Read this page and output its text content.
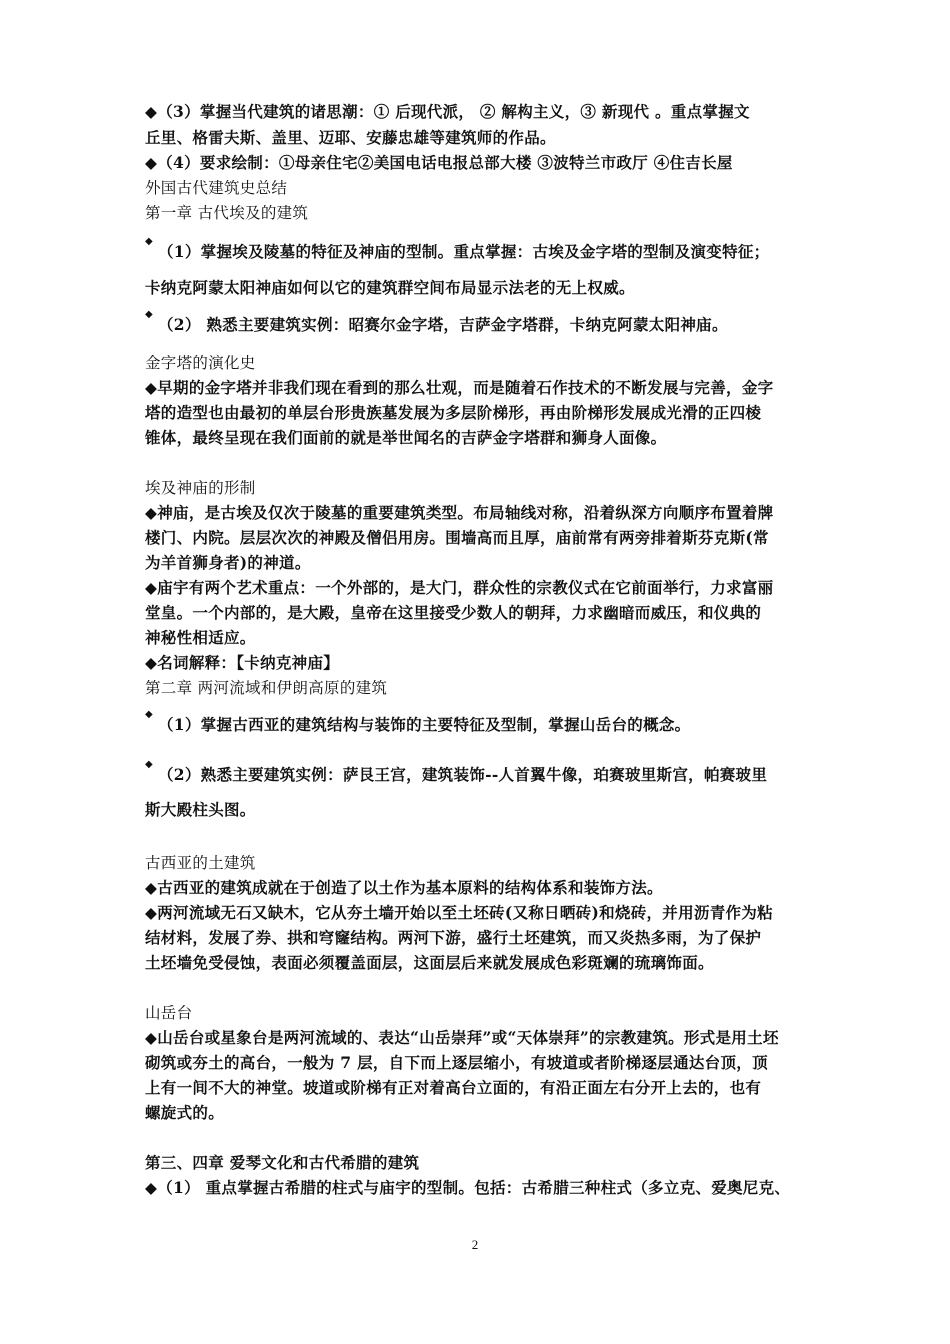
◆（3）掌握当代建筑的诸思潮：① 后现代派， ② 解构主义，③ 新现代 。重点掌握文
丘里、格雷夫斯、盖里、迈耶、安藤忠雄等建筑师的作品。
◆（4）要求绘制：①母亲住宅②美国电话电报总部大楼 ③波特兰市政厅 ④住吉长屋
外国古代建筑史总结
第一章 古代埃及的建筑
◆
（1）掌握埃及陵墓的特征及神庙的型制。重点掌握：古埃及金字塔的型制及演变特征；
卡纳克阿蒙太阳神庙如何以它的建筑群空间布局显示法老的无上权威。
◆
（2） 熟悉主要建筑实例：昭赛尔金字塔，吉萨金字塔群，卡纳克阿蒙太阳神庙。
金字塔的演化史
◆早期的金字塔并非我们现在看到的那么壮观，而是随着石作技术的不断发展与完善，金字
塔的造型也由最初的单层台形贵族墓发展为多层阶梯形，再由阶梯形发展成光滑的正四棱
锥体，最终呈现在我们面前的就是举世闻名的吉萨金字塔群和狮身人面像。
埃及神庙的形制
◆神庙，是古埃及仅次于陵墓的重要建筑类型。布局轴线对称，沿着纵深方向顺序布置着牌
楼门、内院。层层次次的神殿及僧侣用房。围墙高而且厚，庙前常有两旁排着斯芬克斯(常
为羊首狮身者)的神道。
◆庙宇有两个艺术重点：一个外部的，是大门，群众性的宗教仪式在它前面举行，力求富丽
堂皇。一个内部的，是大殿，皇帝在这里接受少数人的朝拜，力求幽暗而威压，和仪典的
神秘性相适应。
◆名词解释：【卡纳克神庙】
第二章 两河流域和伊朗高原的建筑
◆
（1）掌握古西亚的建筑结构与装饰的主要特征及型制，掌握山岳台的概念。
◆
（2）熟悉主要建筑实例：萨艮王宫，建筑装饰--人首翼牛像，珀赛玻里斯宫，帕赛玻里
斯大殿柱头图。
古西亚的土建筑
◆古西亚的建筑成就在于创造了以土作为基本原料的结构体系和装饰方法。
◆两河流域无石又缺木，它从夯土墙开始以至土坯砖(又称日晒砖)和烧砖，并用沥青作为粘
结材料，发展了券、拱和穹窿结构。两河下游，盛行土坯建筑，而又炎热多雨，为了保护
土坯墙免受侵蚀，表面必须覆盖面层，这面层后来就发展成色彩斑斓的琉璃饰面。
山岳台
◆山岳台或星象台是两河流域的、表达“山岳崇拜”或“天体崇拜”的宗教建筑。形式是用土坯
砌筑或夯土的高台，一般为 7 层，自下而上逐层缩小，有坡道或者阶梯逐层通达台顶，顶
上有一间不大的神堂。坡道或阶梯有正对着高台立面的，有沿正面左右分开上去的，也有
螺旋式的。
第三、四章 爱琴文化和古代希腊的建筑
◆（1） 重点掌握古希腊的柱式与庙宇的型制。包括：古希腊三种柱式（多立克、爱奥尼克、
2
